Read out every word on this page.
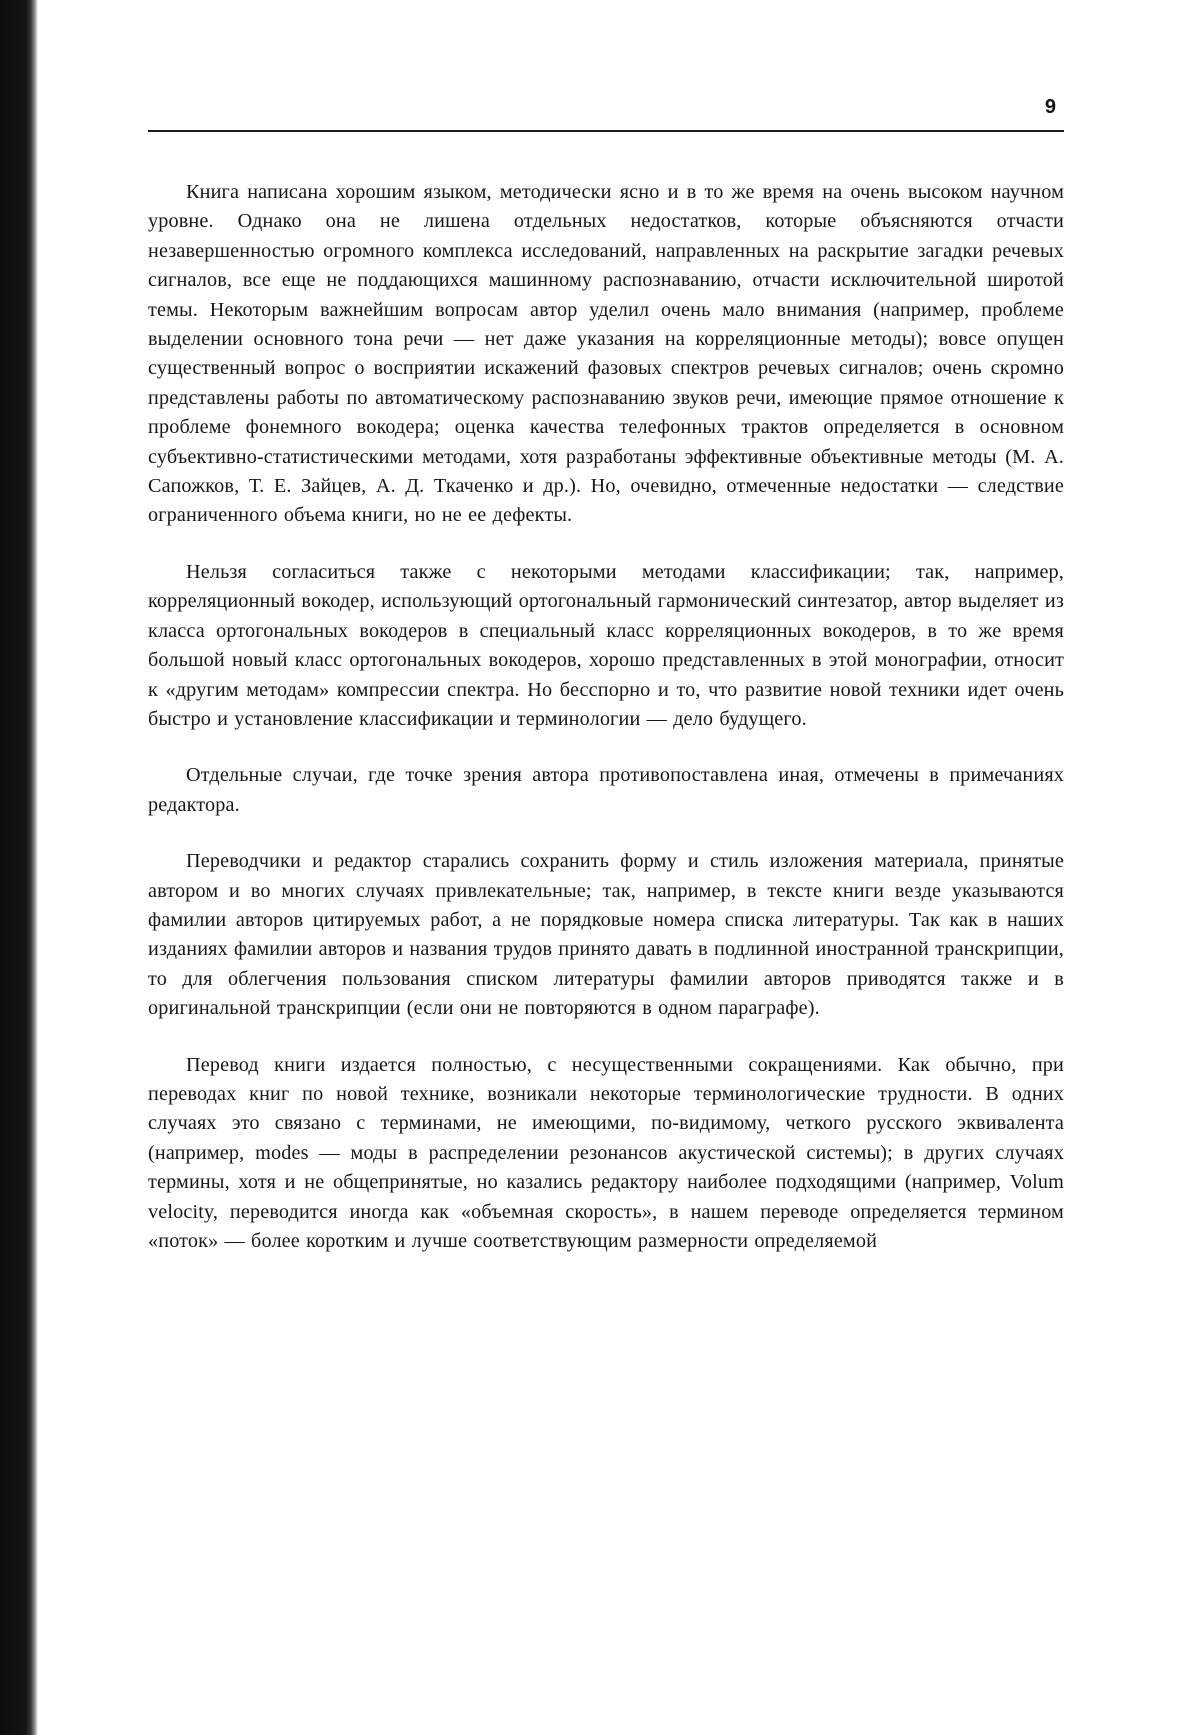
9

Книга написана хорошим языком, методически ясно и в то же время на очень высоком научном уровне. Однако она не лишена отдельных недостатков, которые объясняются отчасти незавершенностью огромного комплекса исследований, направленных на раскрытие загадки речевых сигналов, все еще не поддающихся машинному распознаванию, отчасти исключительной широтой темы. Некоторым важнейшим вопросам автор уделил очень мало внимания (например, проблеме выделении основного тона речи — нет даже указания на корреляционные методы); вовсе опущен существенный вопрос о восприятии искажений фазовых спектров речевых сигналов; очень скромно представлены работы по автоматическому распознаванию звуков речи, имеющие прямое отношение к проблеме фонемного вокодера; оценка качества телефонных трактов определяется в основном субъективно-статистическими методами, хотя разработаны эффективные объективные методы (М. А. Сапожков, Т. Е. Зайцев, А. Д. Ткаченко и др.). Но, очевидно, отмеченные недостатки — следствие ограниченного объема книги, но не ее дефекты.

Нельзя согласиться также с некоторыми методами классификации; так, например, корреляционный вокодер, использующий ортогональный гармонический синтезатор, автор выделяет из класса ортогональных вокодеров в специальный класс корреляционных вокодеров, в то же время большой новый класс ортогональных вокодеров, хорошо представленных в этой монографии, относит к «другим методам» компрессии спектра. Но бесспорно и то, что развитие новой техники идет очень быстро и установление классификации и терминологии — дело будущего.

Отдельные случаи, где точке зрения автора противопоставлена иная, отмечены в примечаниях редактора.

Переводчики и редактор старались сохранить форму и стиль изложения материала, принятые автором и во многих случаях привлекательные; так, например, в тексте книги везде указываются фамилии авторов цитируемых работ, а не порядковые номера списка литературы. Так как в наших изданиях фамилии авторов и названия трудов принято давать в подлинной иностранной транскрипции, то для облегчения пользования списком литературы фамилии авторов приводятся также и в оригинальной транскрипции (если они не повторяются в одном параграфе).

Перевод книги издается полностью, с несущественными сокращениями. Как обычно, при переводах книг по новой технике, возникали некоторые терминологические трудности. В одних случаях это связано с терминами, не имеющими, по-видимому, четкого русского эквивалента (например, modes — моды в распределении резонансов акустической системы); в других случаях термины, хотя и не общепринятые, но казались редактору наиболее подходящими (например, Volum velocity, переводится иногда как «объемная скорость», в нашем переводе определяется термином «поток» — более коротким и лучше соответствующим размерности определяемой
